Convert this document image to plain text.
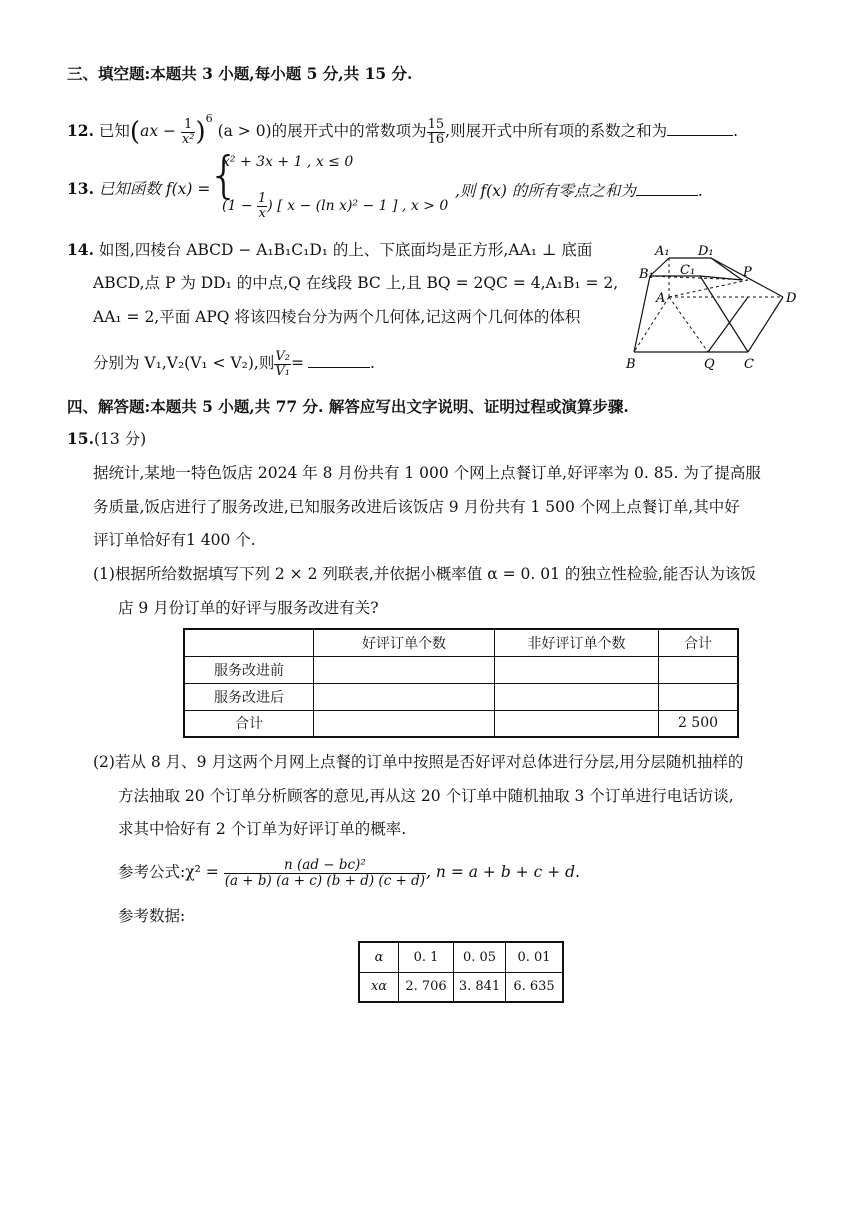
三、填空题:本题共 3 小题,每小题 5 分,共 15 分.
12. 已知$(ax - \frac{1}{\text{x²}} )^6$ (a > 0)的展开式中的常数项为 $\frac{15}{16}$ ,则展开式中所有项的系数之和为	.
13. 已知函数 f(x) =
{
x² + 3x + 1 , x ≤ 0
($1 - \frac{1}{x}$ ) [ x − (ln x)² − 1 ] , x > 0
,则 f(x) 的所有零点之和为	.
14. 如图,四棱台 ABCD − A₁B₁C₁D₁ 的上、下底面均是正方形,AA₁ ⊥ 底面
ABCD,点 P 为 DD₁ 的中点,Q 在线段 BC 上,且 BQ = 2QC = 4,A₁B₁ = 2,
AA₁ = 2,平面 APQ 将该四棱台分为两个几何体,记这两个几何体的体积
分别为 V₁,V₂(V₁ < V₂),则 $\frac{\text{V₂}}{\text{V₁}}$ =	.
A₁ D₁
B₁ C₁	P
A	D
B	Q C
四、解答题:本题共 5 小题,共 77 分. 解答应写出文字说明、证明过程或演算步骤.
15.(13 分)
据统计,某地一特色饭店 2024 年 8 月份共有 1 000 个网上点餐订单,好评率为 0. 85. 为了提高服
务质量,饭店进行了服务改进,已知服务改进后该饭店 9 月份共有 1 500 个网上点餐订单,其中好
评订单恰好有1 400 个.
(1)根据所给数据填写下列 2 × 2 列联表,并依据小概率值 α = 0. 01 的独立性检验,能否认为该饭
店 9 月份订单的好评与服务改进有关?
	好评订单个数	非好评订单个数	合计
服务改进前			
服务改进后			
合计			2 500
(2)若从 8 月、9 月这两个月网上点餐的订单中按照是否好评对总体进行分层,用分层随机抽样的
方法抽取 20 个订单分析顾客的意见,再从这 20 个订单中随机抽取 3 个订单进行电话访谈,
求其中恰好有 2 个订单为好评订单的概率.
参考公式:χ² = $\frac{\text{n (ad − bc)²}}{(a + b) (a + c) (b + d) (c + d)}$ , n = a + b + c + d.
参考数据:
α	0. 1	0. 05	0. 01
xα	2. 706	3. 841	6. 635
